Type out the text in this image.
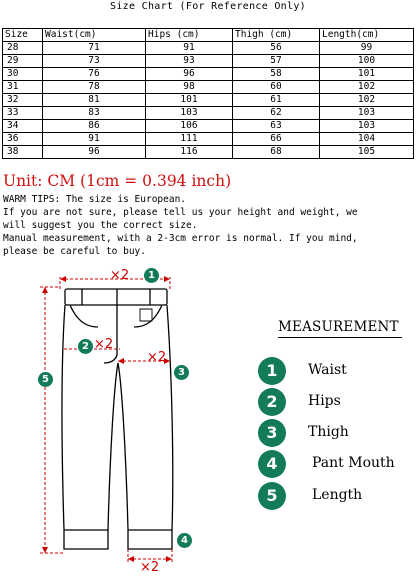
Size Chart (For Reference Only)
Size	Waist(cm)	Hips (cm)	Thigh (cm)	Length(cm)
28	71	91	56	99
29	73	93	57	100
30	76	96	58	101
31	78	98	60	102
32	81	101	61	102
33	83	103	62	103
34	86	106	63	103
36	91	111	66	104
38	96	116	68	105
Unit: CM (1cm = 0.394 inch)
WARM TIPS: The size is European.
If you are not sure, please tell us your height and weight, we
will suggest you the correct size.
Manual measurement, with a 2-3cm error is normal. If you mind,
please be careful to buy.
×2
×2
×2
×2
1
2
3
4
5
MEASUREMENT
1	Waist
2	Hips
3	Thigh
4	Pant Mouth
5	Length
